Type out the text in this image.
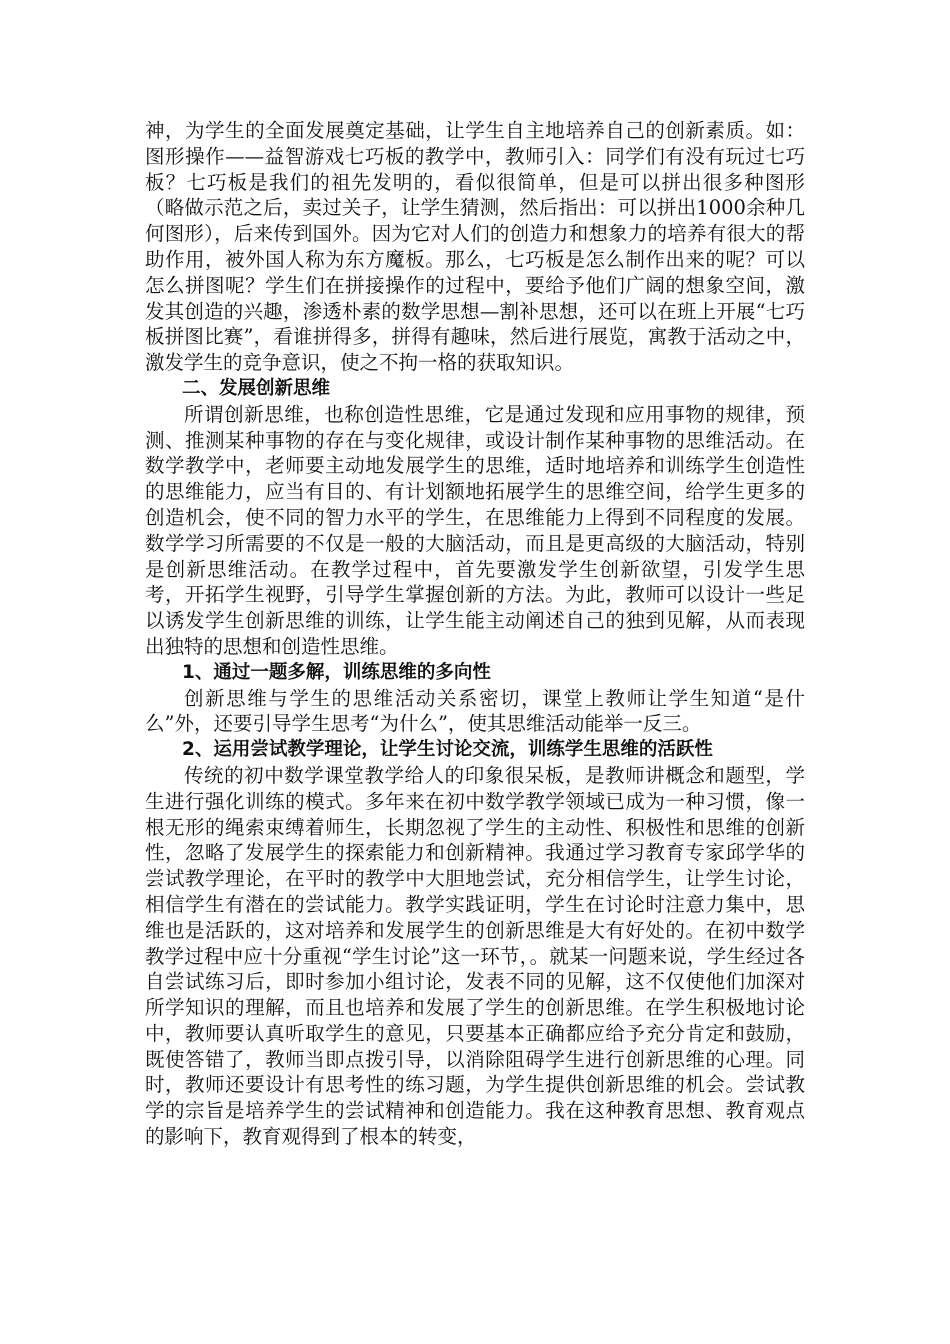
神，为学生的全面发展奠定基础，让学生自主地培养自己的创新素质。如：图形操作——益智游戏七巧板的教学中，教师引入：同学们有没有玩过七巧板？七巧板是我们的祖先发明的，看似很简单，但是可以拼出很多种图形（略做示范之后，卖过关子，让学生猜测，然后指出：可以拼出1000余种几何图形），后来传到国外。因为它对人们的创造力和想象力的培养有很大的帮助作用，被外国人称为东方魔板。那么，七巧板是怎么制作出来的呢？可以怎么拼图呢？学生们在拼接操作的过程中，要给予他们广阔的想象空间，激发其创造的兴趣，渗透朴素的数学思想—割补思想，还可以在班上开展“七巧板拼图比赛”，看谁拼得多，拼得有趣味，然后进行展览，寓教于活动之中，激发学生的竞争意识，使之不拘一格的获取知识。

二、发展创新思维

所谓创新思维，也称创造性思维，它是通过发现和应用事物的规律，预测、推测某种事物的存在与变化规律，或设计制作某种事物的思维活动。在数学教学中，老师要主动地发展学生的思维，适时地培养和训练学生创造性的思维能力，应当有目的、有计划额地拓展学生的思维空间，给学生更多的创造机会，使不同的智力水平的学生，在思维能力上得到不同程度的发展。数学学习所需要的不仅是一般的大脑活动，而且是更高级的大脑活动，特别是创新思维活动。在教学过程中，首先要激发学生创新欲望，引发学生思考，开拓学生视野，引导学生掌握创新的方法。为此，教师可以设计一些足以诱发学生创新思维的训练，让学生能主动阐述自己的独到见解，从而表现出独特的思想和创造性思维。

1、通过一题多解，训练思维的多向性

创新思维与学生的思维活动关系密切，课堂上教师让学生知道“是什么”外，还要引导学生思考“为什么”，使其思维活动能举一反三。

2、运用尝试教学理论，让学生讨论交流，训练学生思维的活跃性

传统的初中数学课堂教学给人的印象很呆板，是教师讲概念和题型，学生进行强化训练的模式。多年来在初中数学教学领域已成为一种习惯，像一根无形的绳索束缚着师生，长期忽视了学生的主动性、积极性和思维的创新性，忽略了发展学生的探索能力和创新精神。我通过学习教育专家邱学华的尝试教学理论，在平时的教学中大胆地尝试，充分相信学生，让学生讨论，相信学生有潜在的尝试能力。教学实践证明，学生在讨论时注意力集中，思维也是活跃的，这对培养和发展学生的创新思维是大有好处的。在初中数学教学过程中应十分重视“学生讨论”这一环节，。就某一问题来说，学生经过各自尝试练习后，即时参加小组讨论，发表不同的见解，这不仅使他们加深对所学知识的理解，而且也培养和发展了学生的创新思维。在学生积极地讨论中，教师要认真听取学生的意见，只要基本正确都应给予充分肯定和鼓励，既使答错了，教师当即点拨引导，以消除阻碍学生进行创新思维的心理。同时，教师还要设计有思考性的练习题，为学生提供创新思维的机会。尝试教学的宗旨是培养学生的尝试精神和创造能力。我在这种教育思想、教育观点的影响下，教育观得到了根本的转变，
